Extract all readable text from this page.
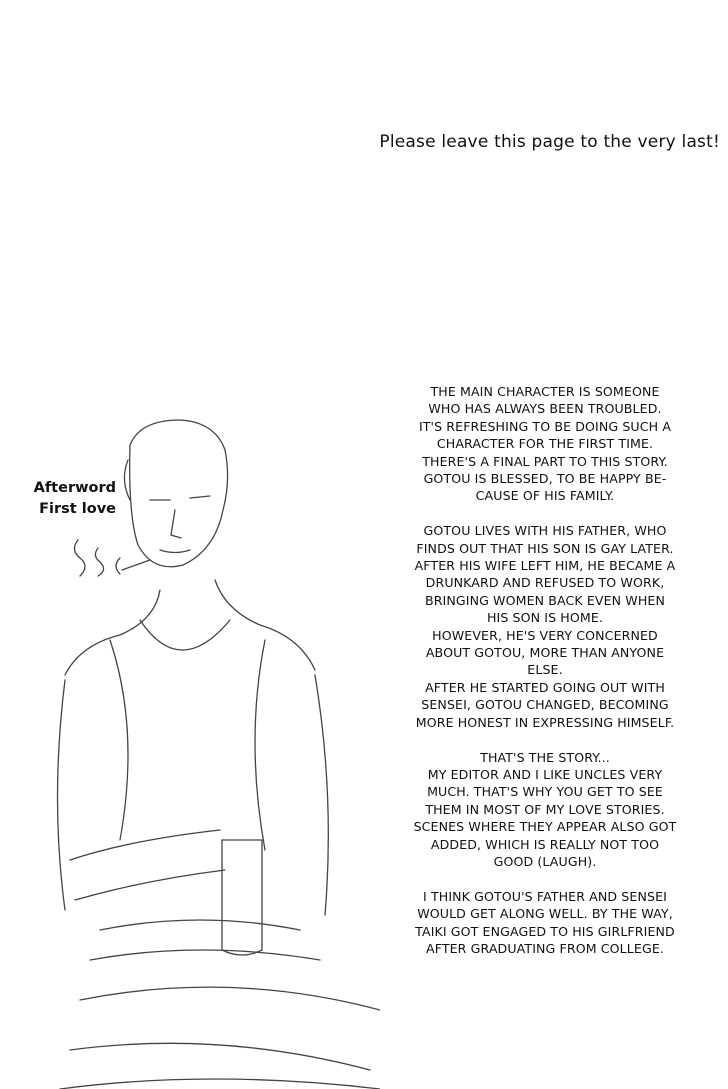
Please leave this page to the very last!
Afterword
First love
THE MAIN CHARACTER IS SOMEONE
WHO HAS ALWAYS BEEN TROUBLED.
IT'S REFRESHING TO BE DOING SUCH A
CHARACTER FOR THE FIRST TIME.
THERE'S A FINAL PART TO THIS STORY.
GOTOU IS BLESSED, TO BE HAPPY BE-
CAUSE OF HIS FAMILY.
GOTOU LIVES WITH HIS FATHER, WHO
FINDS OUT THAT HIS SON IS GAY LATER.
AFTER HIS WIFE LEFT HIM, HE BECAME A
DRUNKARD AND REFUSED TO WORK,
BRINGING WOMEN BACK EVEN WHEN
HIS SON IS HOME.
HOWEVER, HE'S VERY CONCERNED
ABOUT GOTOU, MORE THAN ANYONE
ELSE.
AFTER HE STARTED GOING OUT WITH
SENSEI, GOTOU CHANGED, BECOMING
MORE HONEST IN EXPRESSING HIMSELF.
THAT'S THE STORY...
MY EDITOR AND I LIKE UNCLES VERY
MUCH. THAT'S WHY YOU GET TO SEE
THEM IN MOST OF MY LOVE STORIES.
SCENES WHERE THEY APPEAR ALSO GOT
ADDED, WHICH IS REALLY NOT TOO
GOOD (LAUGH).
I THINK GOTOU'S FATHER AND SENSEI
WOULD GET ALONG WELL. BY THE WAY,
TAIKI GOT ENGAGED TO HIS GIRLFRIEND
AFTER GRADUATING FROM COLLEGE.
